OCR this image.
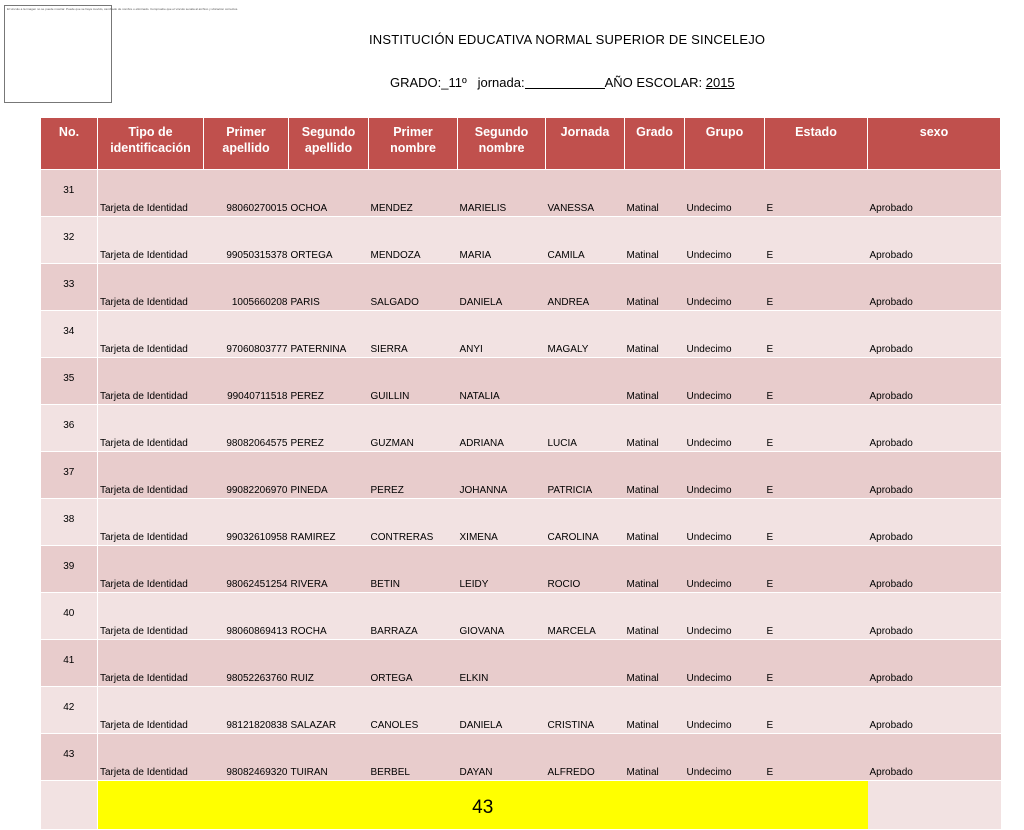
El vinculo a la imagen no se puede mostrar. Puede que se haya movido, cambiado de nombre o eliminado. Compruebe que el vinculo senala al archivo y ubicacion correctos.
INSTITUCIÓN EDUCATIVA NORMAL SUPERIOR DE SINCELEJO
GRADO:_11º jornada:	AÑO ESCOLAR: 2015
No.	Tipo de identificación	Primer apellido	Segundo apellido	Primer nombre	Segundo nombre	Jornada	Grado	Grupo	Estado	sexo
31	Tarjeta de Identidad	98060270015	OCHOA	MENDEZ	MARIELIS	VANESSA	Matinal	Undecimo	E	Aprobado
32	Tarjeta de Identidad	99050315378	ORTEGA	MENDOZA	MARIA	CAMILA	Matinal	Undecimo	E	Aprobado
33	Tarjeta de Identidad	1005660208	PARIS	SALGADO	DANIELA	ANDREA	Matinal	Undecimo	E	Aprobado
34	Tarjeta de Identidad	97060803777	PATERNINA	SIERRA	ANYI	MAGALY	Matinal	Undecimo	E	Aprobado
35	Tarjeta de Identidad	99040711518	PEREZ	GUILLIN	NATALIA		Matinal	Undecimo	E	Aprobado
36	Tarjeta de Identidad	98082064575	PEREZ	GUZMAN	ADRIANA	LUCIA	Matinal	Undecimo	E	Aprobado
37	Tarjeta de Identidad	99082206970	PINEDA	PEREZ	JOHANNA	PATRICIA	Matinal	Undecimo	E	Aprobado
38	Tarjeta de Identidad	99032610958	RAMIREZ	CONTRERAS	XIMENA	CAROLINA	Matinal	Undecimo	E	Aprobado
39	Tarjeta de Identidad	98062451254	RIVERA	BETIN	LEIDY	ROCIO	Matinal	Undecimo	E	Aprobado
40	Tarjeta de Identidad	98060869413	ROCHA	BARRAZA	GIOVANA	MARCELA	Matinal	Undecimo	E	Aprobado
41	Tarjeta de Identidad	98052263760	RUIZ	ORTEGA	ELKIN		Matinal	Undecimo	E	Aprobado
42	Tarjeta de Identidad	98121820838	SALAZAR	CANOLES	DANIELA	CRISTINA	Matinal	Undecimo	E	Aprobado
43	Tarjeta de Identidad	98082469320	TUIRAN	BERBEL	DAYAN	ALFREDO	Matinal	Undecimo	E	Aprobado
	43									
